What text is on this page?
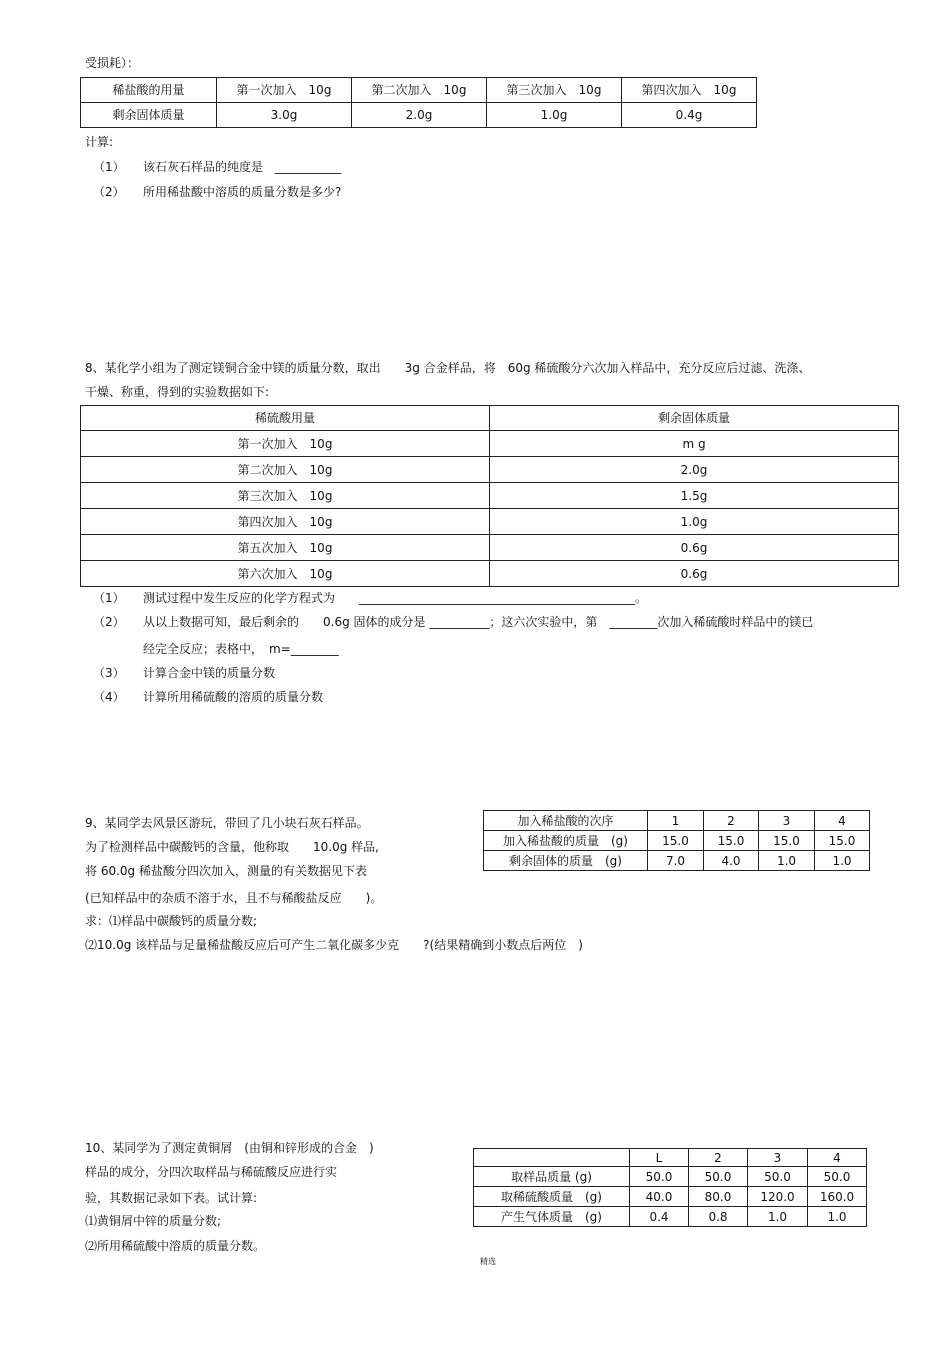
受损耗）：
稀盐酸的用量	第一次加入　10g	第二次加入　10g	第三次加入　10g	第四次加入　10g
剩余固体质量	3.0g	2.0g	1.0g	0.4g
计算:
（1） 该石灰石样品的纯度是　___________
（2） 所用稀盐酸中溶质的质量分数是多少?
8、某化学小组为了测定镁铜合金中镁的质量分数，取出　　3g 合金样品，将　60g 稀硫酸分六次加入样品中，充分反应后过滤、洗涤、
干燥、称重，得到的实验数据如下:
稀硫酸用量	剩余固体质量
第一次加入　10g	m g
第二次加入　10g	2.0g
第三次加入　10g	1.5g
第四次加入　10g	1.0g
第五次加入　10g	0.6g
第六次加入　10g	0.6g
（1） 测试过程中发生反应的化学方程式为　　______________________________________________。
（2） 从以上数据可知，最后剩余的　　0.6g 固体的成分是 __________；这六次实验中，第　________次加入稀硫酸时样品中的镁已
经完全反应；表格中，　m=________
（3） 计算合金中镁的质量分数
（4） 计算所用稀硫酸的溶质的质量分数
9、某同学去风景区游玩，带回了几小块石灰石样品。
为了检测样品中碳酸钙的含量，他称取　　10.0g 样品,
将 60.0g 稀盐酸分四次加入，测量的有关数据见下表
(已知样品中的杂质不溶于水，且不与稀酸盐反应　　)。
求：⑴样品中碳酸钙的质量分数;
⑵10.0g 该样品与足量稀盐酸反应后可产生二氧化碳多少克　　?(结果精确到小数点后两位　)
加入稀盐酸的次序	1	2	3	4
加入稀盐酸的质量　(g)	15.0	15.0	15.0	15.0
剩余固体的质量　(g)	7.0	4.0	1.0	1.0
10、某同学为了测定黄铜屑　(由铜和锌形成的合金　)
样品的成分，分四次取样品与稀硫酸反应进行实
验，其数据记录如下表。试计算:
⑴黄铜屑中锌的质量分数;
⑵所用稀硫酸中溶质的质量分数。
	L	2	3	4
取样品质量 (g)	50.0	50.0	50.0	50.0
取稀硫酸质量　(g)	40.0	80.0	120.0	160.0
产生气体质量　(g)	0.4	0.8	1.0	1.0
精选
